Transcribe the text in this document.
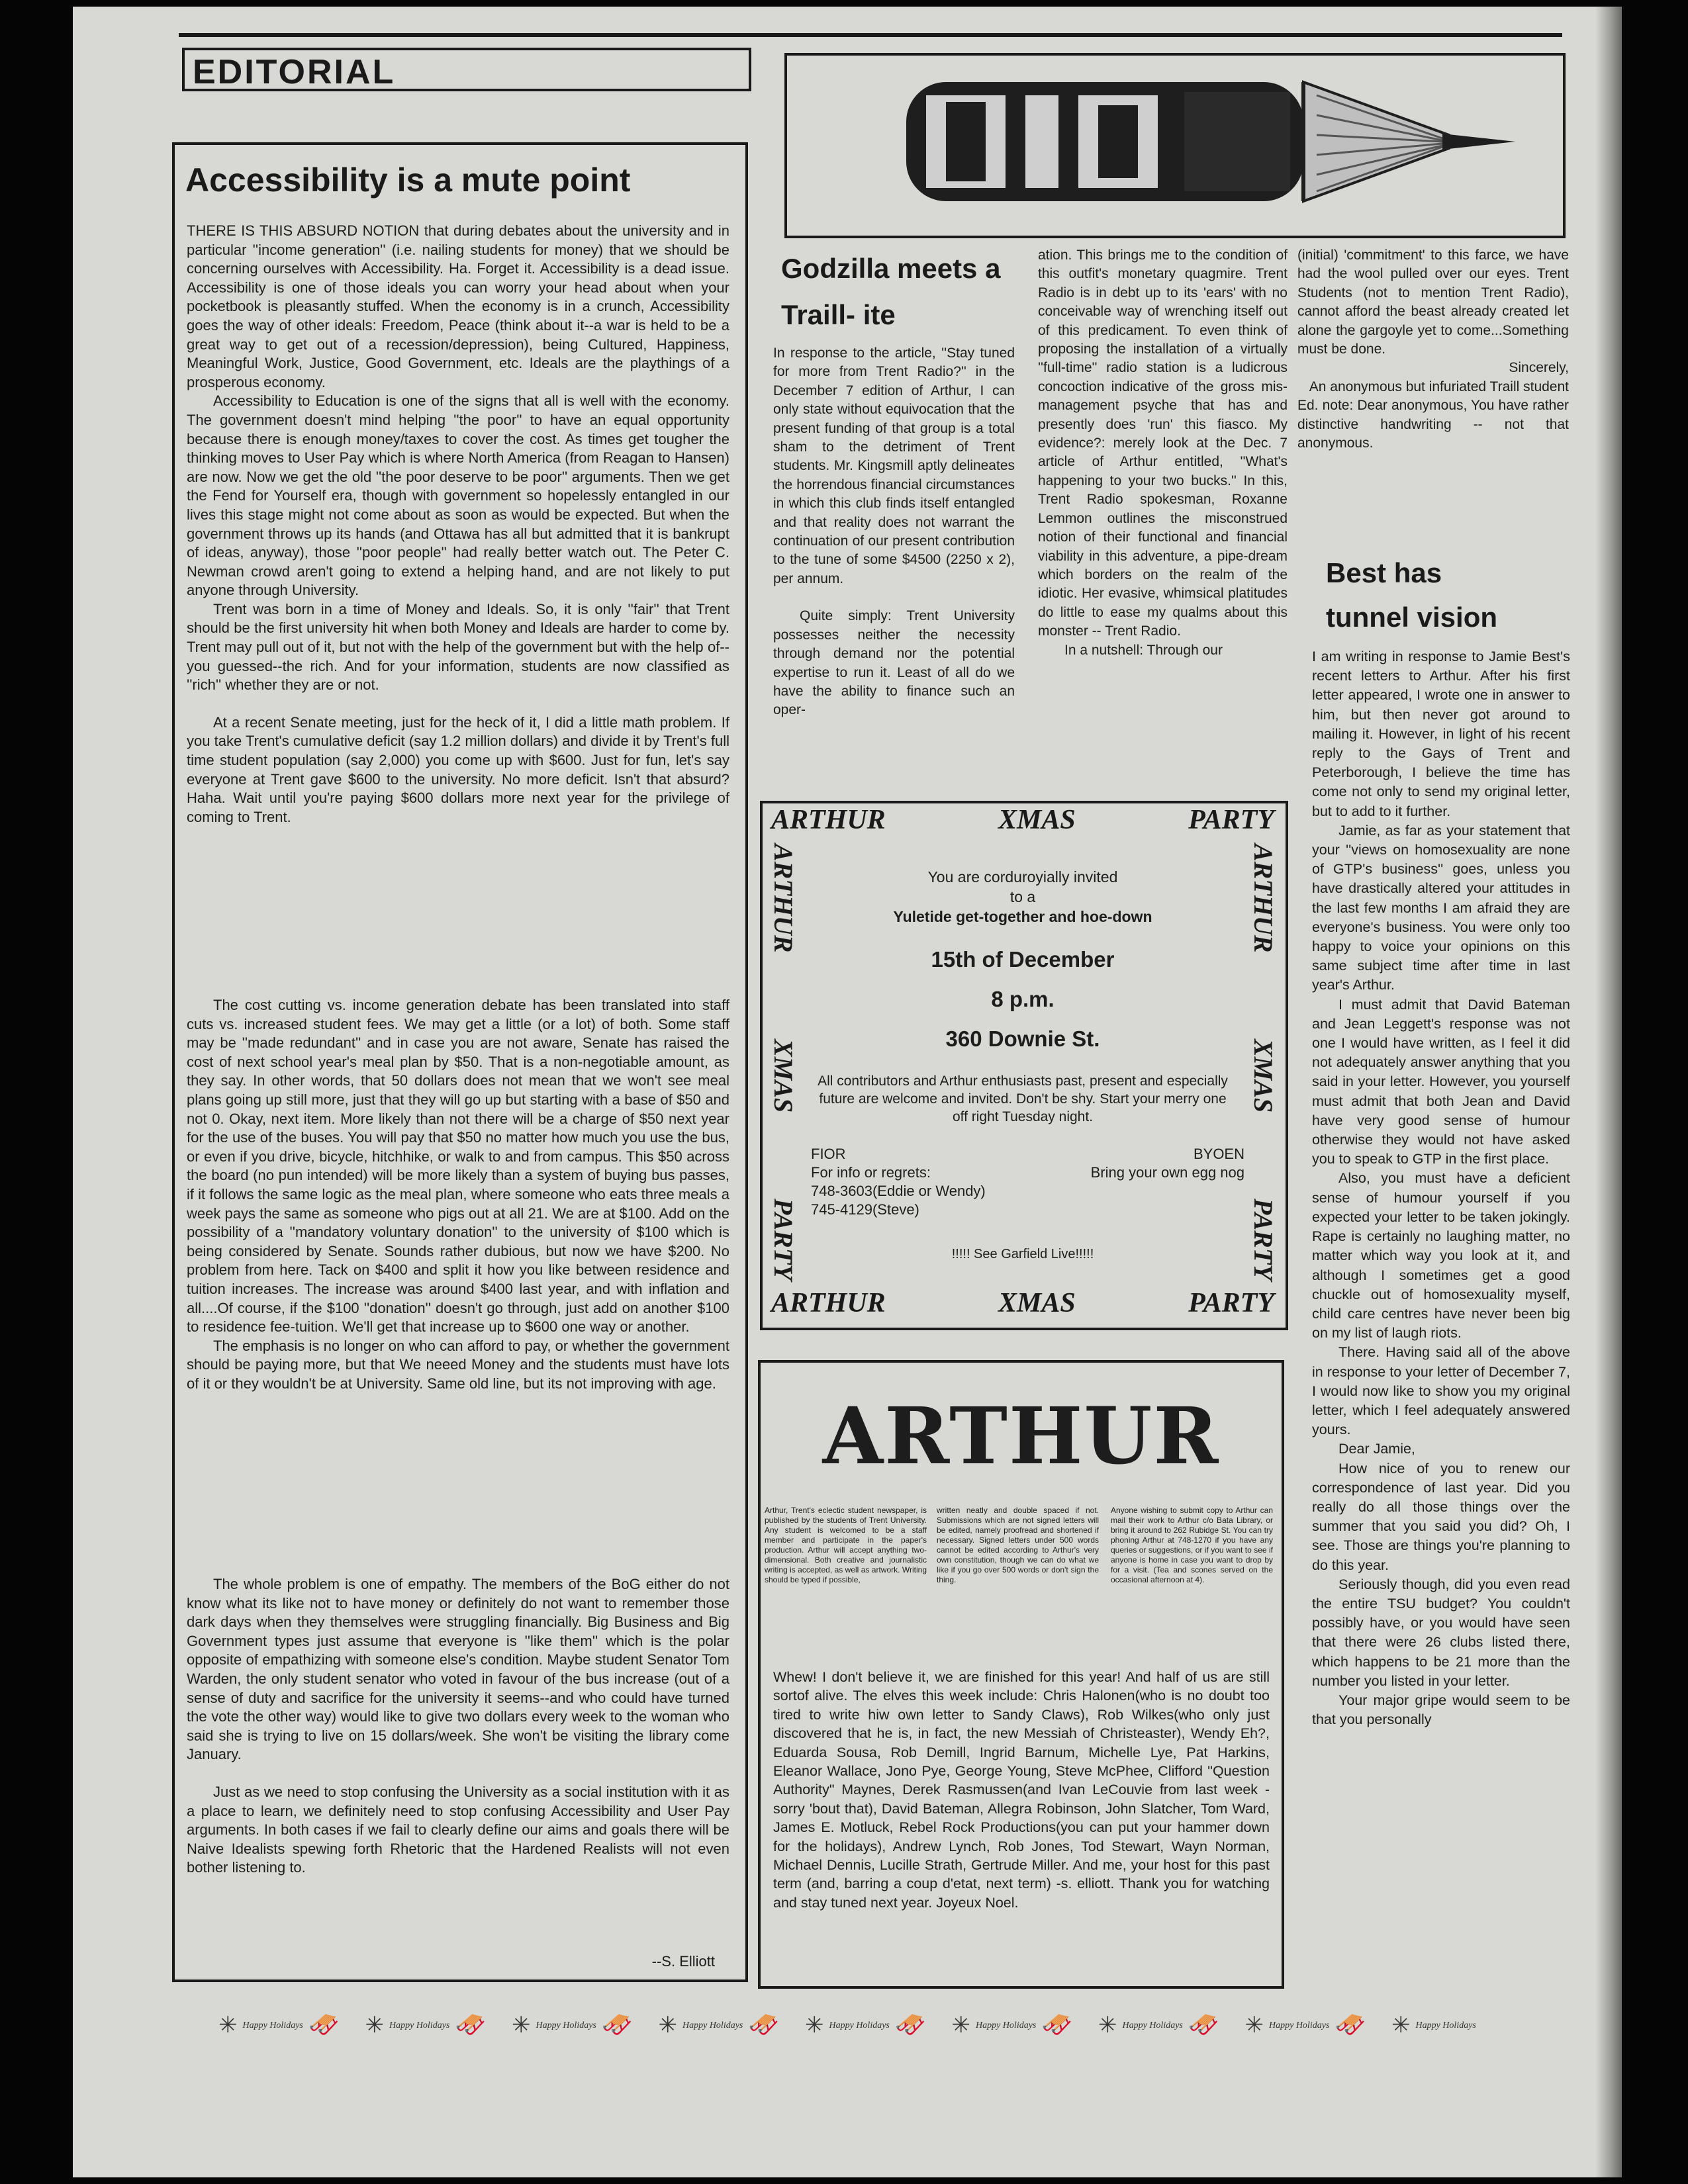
EDITORIAL
Accessibility is a mute point

THERE IS THIS ABSURD NOTION that during debates about the university and in particular ''income generation'' (i.e. nailing students for money) that we should be concerning ourselves with Accessibility. Ha. Forget it. Accessibility is a dead issue. Accessibility is one of those ideals you can worry your head about when your pocketbook is pleasantly stuffed. When the economy is in a crunch, Accessibility goes the way of other ideals: Freedom, Peace (think about it--a war is held to be a great way to get out of a recession/depression), being Cultured, Happiness, Meaningful Work, Justice, Good Government, etc. Ideals are the playthings of a prosperous economy.

Accessibility to Education is one of the signs that all is well with the economy. The government doesn't mind helping ''the poor'' to have an equal opportunity because there is enough money/taxes to cover the cost. As times get tougher the thinking moves to User Pay which is where North America (from Reagan to Hansen) are now. Now we get the old ''the poor deserve to be poor'' arguments. Then we get the Fend for Yourself era, though with government so hopelessly entangled in our lives this stage might not come about as soon as would be expected. But when the government throws up its hands (and Ottawa has all but admitted that it is bankrupt of ideas, anyway), those ''poor people'' had really better watch out. The Peter C. Newman crowd aren't going to extend a helping hand, and are not likely to put anyone through University.

Trent was born in a time of Money and Ideals. So, it is only ''fair'' that Trent should be the first university hit when both Money and Ideals are harder to come by. Trent may pull out of it, but not with the help of the government but with the help of--you guessed--the rich. And for your information, students are now classified as ''rich'' whether they are or not.

At a recent Senate meeting, just for the heck of it, I did a little math problem. If you take Trent's cumulative deficit (say 1.2 million dollars) and divide it by Trent's full time student population (say 2,000) you come up with $600. Just for fun, let's say everyone at Trent gave $600 to the university. No more deficit. Isn't that absurd? Haha. Wait until you're paying $600 dollars more next year for the privilege of coming to Trent.

The cost cutting vs. income generation debate has been translated into staff cuts vs. increased student fees. We may get a little (or a lot) of both. Some staff may be ''made redundant'' and in case you are not aware, Senate has raised the cost of next school year's meal plan by $50. That is a non-negotiable amount, as they say. In other words, that 50 dollars does not mean that we won't see meal plans going up still more, just that they will go up but starting with a base of $50 and not 0. Okay, next item. More likely than not there will be a charge of $50 next year for the use of the buses. You will pay that $50 no matter how much you use the bus, or even if you drive, bicycle, hitchhike, or walk to and from campus. This $50 across the board (no pun intended) will be more likely than a system of buying bus passes, if it follows the same logic as the meal plan, where someone who eats three meals a week pays the same as someone who pigs out at all 21. We are at $100. Add on the possibility of a ''mandatory voluntary donation'' to the university of $100 which is being considered by Senate. Sounds rather dubious, but now we have $200. No problem from here. Tack on $400 and split it how you like between residence and tuition increases. The increase was around $400 last year, and with inflation and all....Of course, if the $100 ''donation'' doesn't go through, just add on another $100 to residence fee-tuition. We'll get that increase up to $600 one way or another.

The emphasis is no longer on who can afford to pay, or whether the government should be paying more, but that We neeed Money and the students must have lots of it or they wouldn't be at University. Same old line, but its not improving with age.

The whole problem is one of empathy. The members of the BoG either do not know what its like not to have money or definitely do not want to remember those dark days when they themselves were struggling financially. Big Business and Big Government types just assume that everyone is ''like them'' which is the polar opposite of empathizing with someone else's condition. Maybe student Senator Tom Warden, the only student senator who voted in favour of the bus increase (out of a sense of duty and sacrifice for the university it seems--and who could have turned the vote the other way) would like to give two dollars every week to the woman who said she is trying to live on 15 dollars/week. She won't be visiting the library come January.

Just as we need to stop confusing the University as a social institution with it as a place to learn, we definitely need to stop confusing Accessibility and User Pay arguments. In both cases if we fail to clearly define our aims and goals there will be Naive Idealists spewing forth Rhetoric that the Hardened Realists will not even bother listening to.

--S. Elliott
Godzilla meets a
Traill- ite

In response to the article, ''Stay tuned for more from Trent Radio?'' in the December 7 edition of Arthur, I can only state without equivocation that the present funding of that group is a total sham to the detriment of Trent students. Mr. Kingsmill aptly delineates the horrendous financial circumstances in which this club finds itself entangled and that reality does not warrant the continuation of our present contribution to the tune of some $4500 (2250 x 2), per annum.

Quite simply: Trent University possesses neither the necessity through demand nor the potential expertise to run it. Least of all do we have the ability to finance such an oper-

ation. This brings me to the condition of this outfit's monetary quagmire. Trent Radio is in debt up to its 'ears' with no conceivable way of wrenching itself out of this predicament. To even think of proposing the installation of a virtually ''full-time'' radio station is a ludicrous concoction indicative of the gross mis-management psyche that has and presently does 'run' this fiasco. My evidence?: merely look at the Dec. 7 article of Arthur entitled, ''What's happening to your two bucks.'' In this, Trent Radio spokesman, Roxanne Lemmon outlines the misconstrued notion of their functional and financial viability in this adventure, a pipe-dream which borders on the realm of the idiotic. Her evasive, whimsical platitudes do little to ease my qualms about this monster -- Trent Radio.

In a nutshell: Through our

(initial) 'commitment' to this farce, we have had the wool pulled over our eyes. Trent Students (not to mention Trent Radio), cannot afford the beast already created let alone the gargoyle yet to come...Something must be done.

Sincerely,

An anonymous but infuriated Traill student

Ed. note: Dear anonymous, You have rather distinctive handwriting -- not that anonymous.

Best has
tunnel vision

I am writing in response to Jamie Best's recent letters to Arthur. After his first letter appeared, I wrote one in answer to him, but then never got around to mailing it. However, in light of his recent reply to the Gays of Trent and Peterborough, I believe the time has come not only to send my original letter, but to add to it further.

Jamie, as far as your statement that your ''views on homosexuality are none of GTP's business'' goes, unless you have drastically altered your attitudes in the last few months I am afraid they are everyone's business. You were only too happy to voice your opinions on this same subject time after time in last year's Arthur.

I must admit that David Bateman and Jean Leggett's response was not one I would have written, as I feel it did not adequately answer anything that you said in your letter. However, you yourself must admit that both Jean and David have very good sense of humour otherwise they would not have asked you to speak to GTP in the first place.

Also, you must have a deficient sense of humour yourself if you expected your letter to be taken jokingly. Rape is certainly no laughing matter, no matter which way you look at it, and although I sometimes get a good chuckle out of homosexuality myself, child care centres have never been big on my list of laugh riots.

There. Having said all of the above in response to your letter of December 7, I would now like to show you my original letter, which I feel adequately answered yours.

Dear Jamie,

How nice of you to renew our correspondence of last year. Did you really do all those things over the summer that you said you did? Oh, I see. Those are things you're planning to do this year.

Seriously though, did you even read the entire TSU budget? You couldn't possibly have, or you would have seen that there were 26 clubs listed there, which happens to be 21 more than the number you listed in your letter.

Your major gripe would seem to be that you personally

ARTHUR	XMAS	PARTY
ARTHUR	XMAS	PARTY
ARTHUR
XMAS
PARTY
ARTHUR
XMAS
PARTY
You are corduroyially invited
to a
Yuletide get-together and hoe-down
15th of December
8 p.m.
360 Downie St.
All contributors and Arthur enthusiasts past, present and especially future are welcome and invited. Don't be shy. Start your merry one off right Tuesday night.
FIOR	BYOEN
For info or regrets:
748-3603(Eddie or Wendy)
745-4129(Steve)
Bring your own egg nog
!!!!! See Garfield Live!!!!!
ARTHUR
Arthur, Trent's eclectic student newspaper, is published by the students of Trent University. Any student is welcomed to be a staff member and participate in the paper's production. Arthur will accept anything two-dimensional. Both creative and journalistic writing is accepted, as well as artwork. Writing should be typed if possible,
written neatly and double spaced if not. Submissions which are not signed letters will be edited, namely proofread and shortened if necessary. Signed letters under 500 words cannot be edited according to Arthur's very own constitution, though we can do what we like if you go over 500 words or don't sign the thing.
Anyone wishing to submit copy to Arthur can mail their work to Arthur c/o Bata Library, or bring it around to 262 Rubidge St. You can try phoning Arthur at 748-1270 if you have any queries or suggestions, or if you want to see if anyone is home in case you want to drop by for a visit. (Tea and scones served on the occasional afternoon at 4).
Whew! I don't believe it, we are finished for this year! And half of us are still sortof alive. The elves this week include: Chris Halonen(who is no doubt too tired to write hiw own letter to Sandy Claws), Rob Wilkes(who only just discovered that he is, in fact, the new Messiah of Christeaster), Wendy Eh?, Eduarda Sousa, Rob Demill, Ingrid Barnum, Michelle Lye, Pat Harkins, Eleanor Wallace, Jono Pye, George Young, Steve McPhee, Clifford "Question Authority" Maynes, Derek Rasmussen(and Ivan LeCouvie from last week - sorry 'bout that), David Bateman, Allegra Robinson, John Slatcher, Tom Ward, James E. Motluck, Rebel Rock Productions(you can put your hammer down for the holidays), Andrew Lynch, Rob Jones, Tod Stewart, Wayn Norman, Michael Dennis, Lucille Strath, Gertrude Miller. And me, your host for this past term (and, barring a coup d'etat, next term) -s. elliott. Thank you for watching and stay tuned next year. Joyeux Noel.
✳ Happy Holidays 🛷 ✳ Happy Holidays 🛷 ✳ Happy Holidays 🛷 ✳ Happy Holidays 🛷 ✳ Happy Holidays 🛷 ✳ Happy Holidays 🛷 ✳ Happy Holidays 🛷 ✳ Happy Holidays 🛷 ✳ Happy Holidays
